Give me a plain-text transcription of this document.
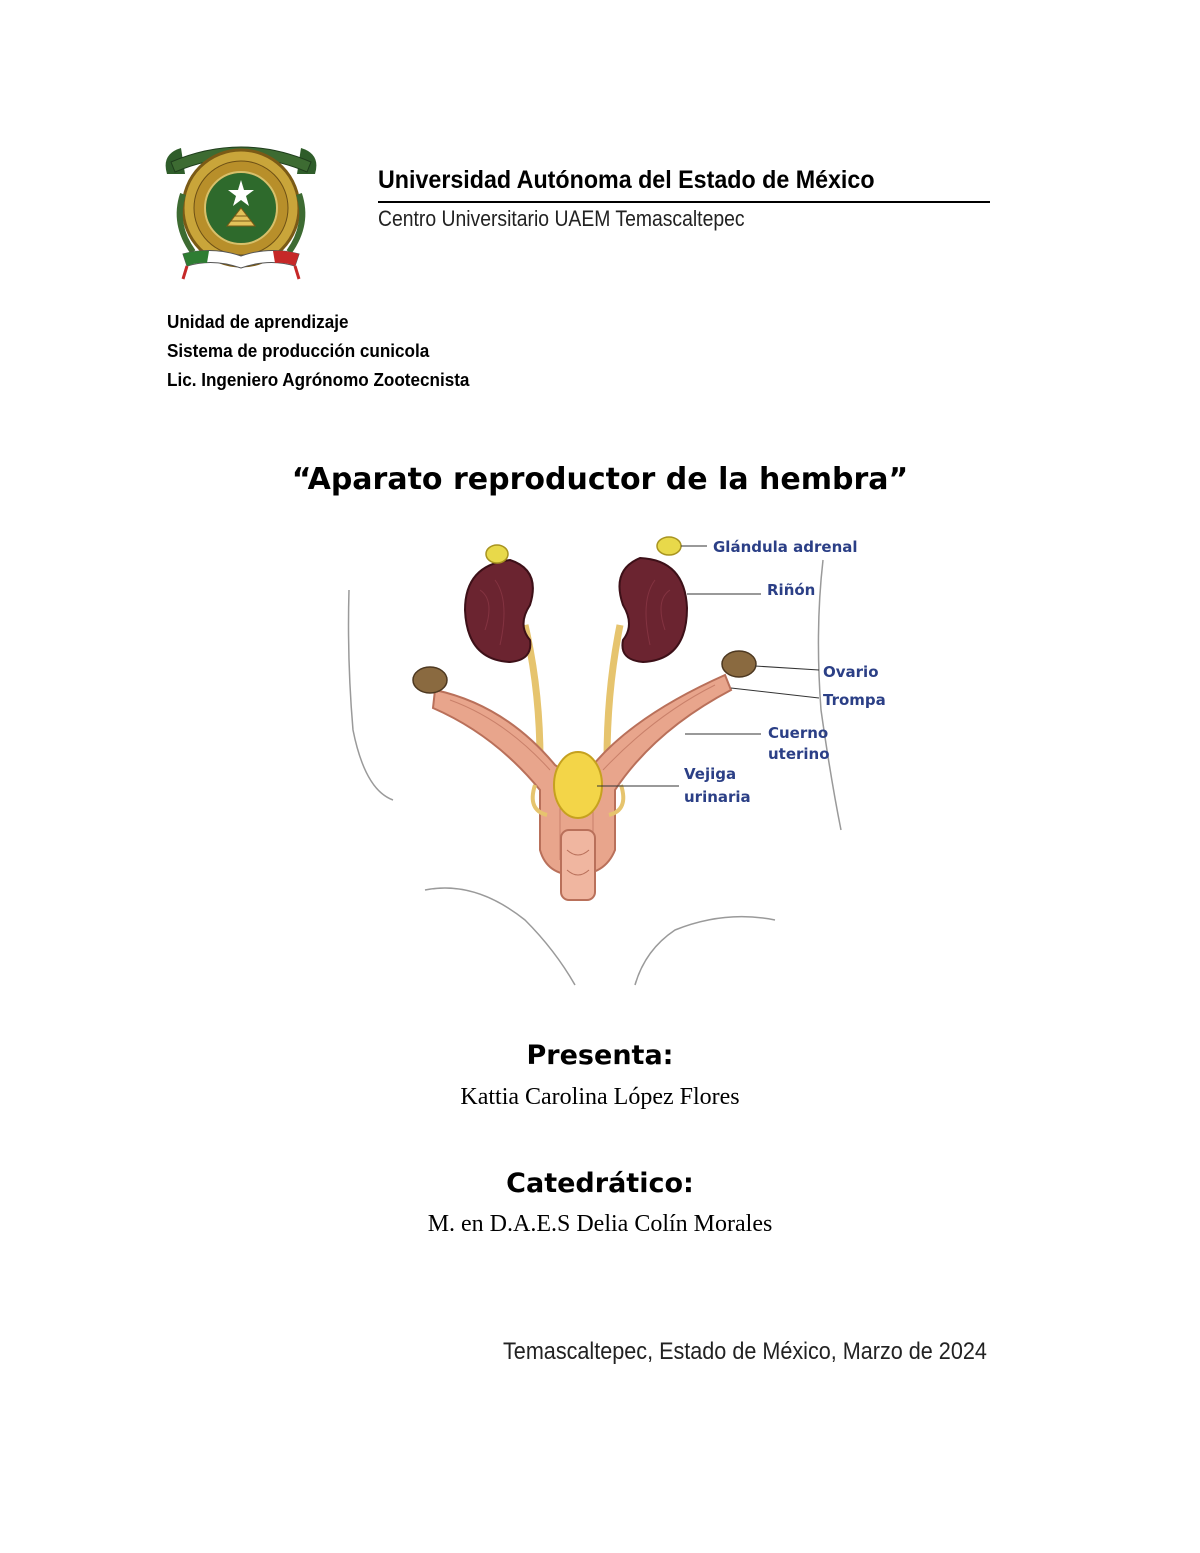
Universidad Autónoma del Estado de México
Centro Universitario UAEM Temascaltepec
Unidad de aprendizaje
Sistema de producción cunicola
Lic. Ingeniero Agrónomo Zootecnista
“Aparato reproductor de la hembra”
Glándula adrenal
Riñón
Ovario
Trompa
Cuerno
uterino
Vejiga
urinaria
Presenta:
Kattia Carolina López Flores
Catedrático:
M. en D.A.E.S Delia Colín Morales
Temascaltepec, Estado de México, Marzo de 2024
